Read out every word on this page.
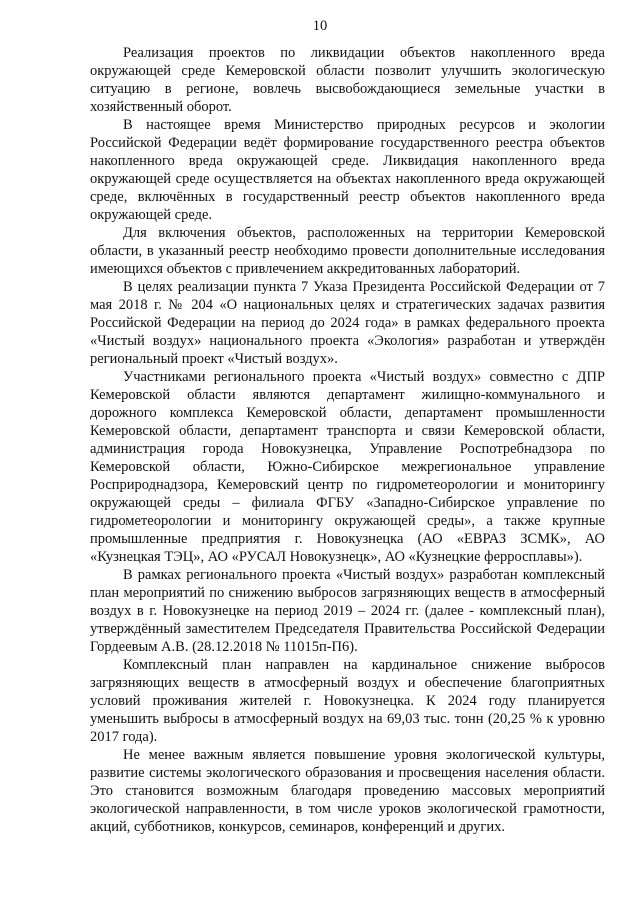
10

Реализация проектов по ликвидации объектов накопленного вреда окружающей среде Кемеровской области позволит улучшить экологическую ситуацию в регионе, вовлечь высвобождающиеся земельные участки в хозяйственный оборот.

В настоящее время Министерство природных ресурсов и экологии Российской Федерации ведёт формирование государственного реестра объектов накопленного вреда окружающей среде. Ликвидация накопленного вреда окружающей среде осуществляется на объектах накопленного вреда окружающей среде, включённых в государственный реестр объектов накопленного вреда окружающей среде.

Для включения объектов, расположенных на территории Кемеровской области, в указанный реестр необходимо провести дополнительные исследования имеющихся объектов с привлечением аккредитованных лабораторий.

В целях реализации пункта 7 Указа Президента Российской Федерации от 7 мая 2018 г. № 204 «О национальных целях и стратегических задачах развития Российской Федерации на период до 2024 года» в рамках федерального проекта «Чистый воздух» национального проекта «Экология» разработан и утверждён региональный проект «Чистый воздух».

Участниками регионального проекта «Чистый воздух» совместно с ДПР Кемеровской области являются департамент жилищно-коммунального и дорожного комплекса Кемеровской области, департамент промышленности Кемеровской области, департамент транспорта и связи Кемеровской области, администрация города Новокузнецка, Управление Роспотребнадзора по Кемеровской области, Южно-Сибирское межрегиональное управление Росприроднадзора, Кемеровский центр по гидрометеорологии и мониторингу окружающей среды – филиала ФГБУ «Западно-Сибирское управление по гидрометеорологии и мониторингу окружающей среды», а также крупные промышленные предприятия г. Новокузнецка (АО «ЕВРАЗ ЗСМК», АО «Кузнецкая ТЭЦ», АО «РУСАЛ Новокузнецк», АО «Кузнецкие ферросплавы»).

В рамках регионального проекта «Чистый воздух» разработан комплексный план мероприятий по снижению выбросов загрязняющих веществ в атмосферный воздух в г. Новокузнецке на период 2019 – 2024 гг. (далее - комплексный план), утверждённый заместителем Председателя Правительства Российской Федерации Гордеевым А.В. (28.12.2018 № 11015п-П6).

Комплексный план направлен на кардинальное снижение выбросов загрязняющих веществ в атмосферный воздух и обеспечение благоприятных условий проживания жителей г. Новокузнецка. К 2024 году планируется уменьшить выбросы в атмосферный воздух на 69,03 тыс. тонн (20,25 % к уровню 2017 года).

Не менее важным является повышение уровня экологической культуры, развитие системы экологического образования и просвещения населения области. Это становится возможным благодаря проведению массовых мероприятий экологической направленности, в том числе уроков экологической грамотности, акций, субботников, конкурсов, семинаров, конференций и других.
